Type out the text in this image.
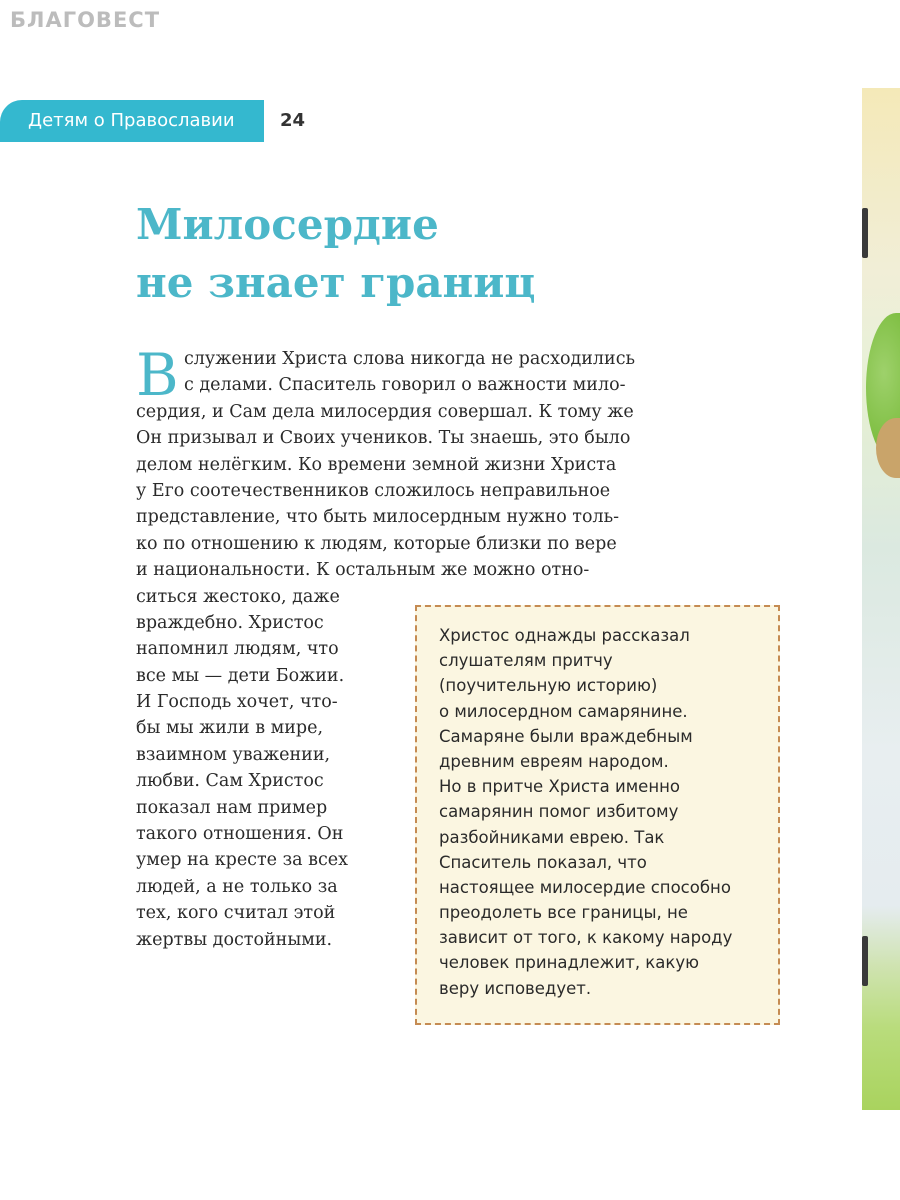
БЛАГОВЕСТ
Детям о Православии	24
Милосердие
не знает границ
В служении Христа слова никогда не расходились
с делами. Спаситель говорил о важности мило-
сердия, и Сам дела милосердия совершал. К тому же
Он призывал и Своих учеников. Ты знаешь, это было
делом нелёгким. Ко времени земной жизни Христа
у Его соотечественников сложилось неправильное
представление, что быть милосердным нужно толь-
ко по отношению к людям, которые близки по вере
и национальности. К остальным же можно отно-
ситься жестоко, даже
враждебно. Христос
напомнил людям, что
все мы — дети Божии.
И Господь хочет, что-
бы мы жили в мире,
взаимном уважении,
любви. Сам Христос
показал нам пример
такого отношения. Он
умер на кресте за всех
людей, а не только за
тех, кого считал этой
жертвы достойными.
Христос однажды рассказал
слушателям притчу
(поучительную историю)
о милосердном самарянине.
Самаряне были враждебным
древним евреям народом.
Но в притче Христа именно
самарянин помог избитому
разбойниками еврею. Так
Спаситель показал, что
настоящее милосердие способно
преодолеть все границы, не
зависит от того, к какому народу
человек принадлежит, какую
веру исповедует.
